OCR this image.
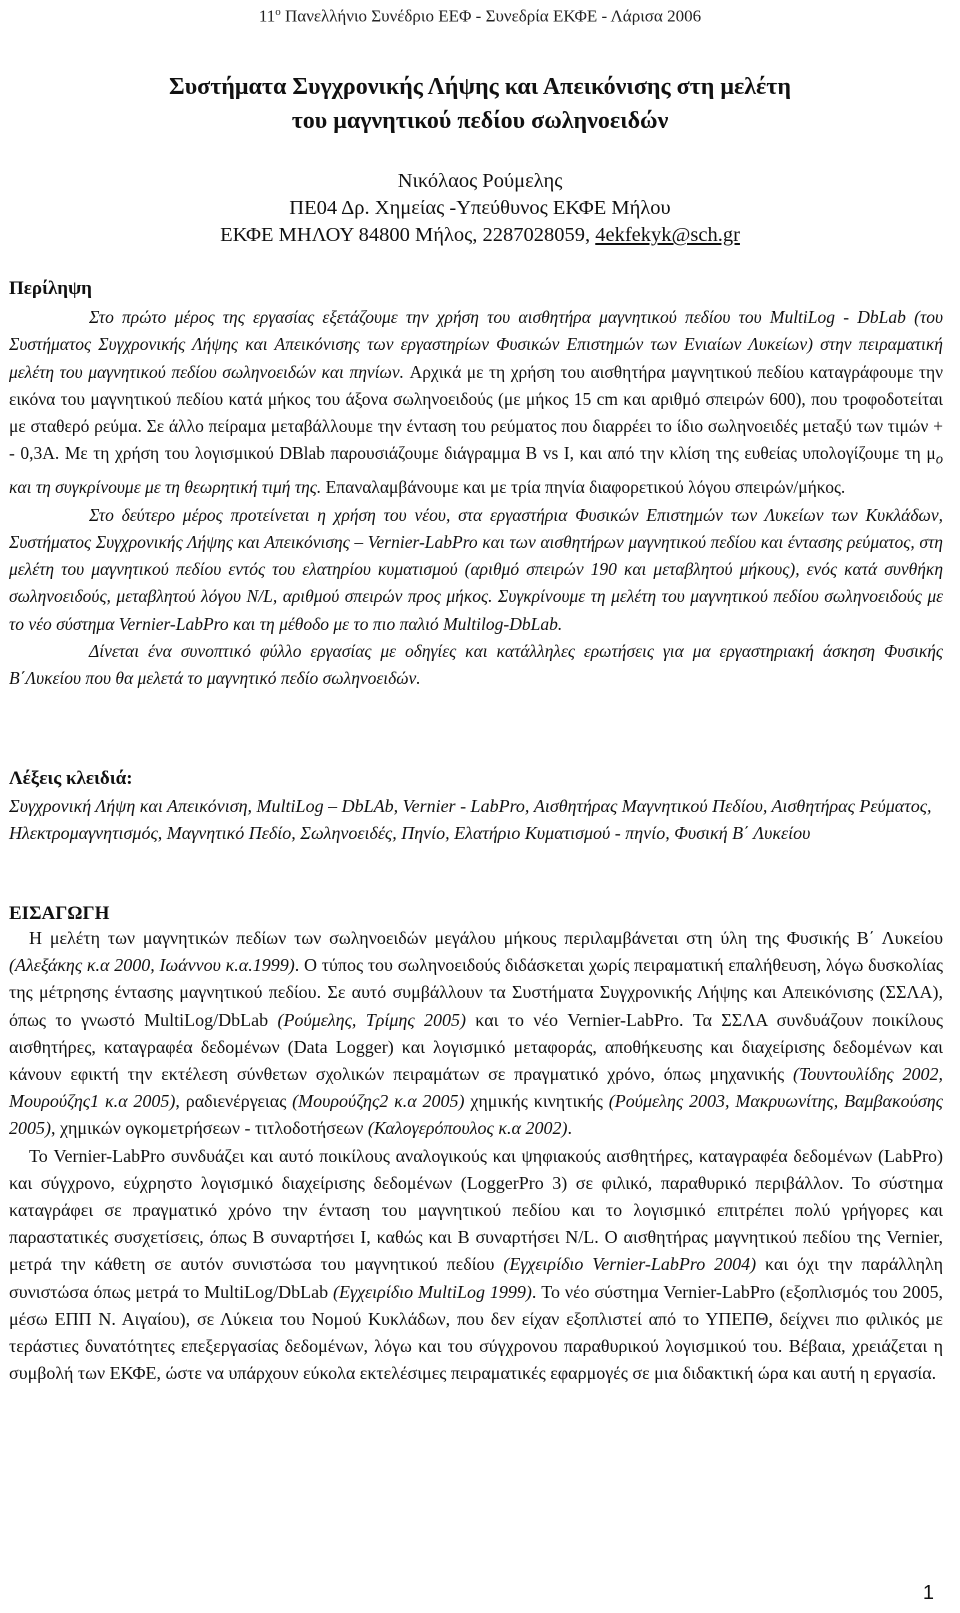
$11^o$ Πανελλήνιο Συνέδριο ΕΕΦ - Συνεδρία ΕΚΦΕ - Λάρισα 2006
Συστήματα Συγχρονικής Λήψης και Απεικόνισης στη μελέτη
του μαγνητικού πεδίου σωληνοειδών
Νικόλαος Ρούμελης
ΠΕ04 Δρ. Χημείας -Υπεύθυνος ΕΚΦΕ Μήλου
ΕΚΦΕ ΜΗΛΟΥ 84800 Μήλος, 2287028059, 4ekfekyk@sch.gr
Περίληψη

Στο πρώτο μέρος της εργασίας εξετάζουμε την χρήση του αισθητήρα μαγνητικού πεδίου του MultiLog - DbLab (του Συστήματος Συγχρονικής Λήψης και Απεικόνισης των εργαστηρίων Φυσικών Επιστημών των Ενιαίων Λυκείων) στην πειραματική μελέτη του μαγνητικού πεδίου σωληνοειδών και πηνίων. Αρχικά με τη χρήση του αισθητήρα μαγνητικού πεδίου καταγράφουμε την εικόνα του μαγνητικού πεδίου κατά μήκος του άξονα σωληνοειδούς (με μήκος 15 cm και αριθμό σπειρών 600), που τροφοδοτείται με σταθερό ρεύμα. Σε άλλο πείραμα μεταβάλλουμε την ένταση του ρεύματος που διαρρέει το ίδιο σωληνοειδές μεταξύ των τιμών + - 0,3Α. Με τη χρήση του λογισμικού DBlab παρουσιάζουμε διάγραμμα B vs I, και από την κλίση της ευθείας υπολογίζουμε τη $\mu_o$ και τη συγκρίνουμε με τη θεωρητική τιμή της. Επαναλαμβάνουμε και με τρία πηνία διαφορετικού λόγου σπειρών/μήκος.

Στο δεύτερο μέρος προτείνεται η χρήση του νέου, στα εργαστήρια Φυσικών Επιστημών των Λυκείων των Κυκλάδων, Συστήματος Συγχρονικής Λήψης και Απεικόνισης – Vernier-LabPro και των αισθητήρων μαγνητικού πεδίου και έντασης ρεύματος, στη μελέτη του μαγνητικού πεδίου εντός του ελατηρίου κυματισμού (αριθμό σπειρών 190 και μεταβλητού μήκους), ενός κατά συνθήκη σωληνοειδούς, μεταβλητού λόγου N/L, αριθμού σπειρών προς μήκος. Συγκρίνουμε τη μελέτη του μαγνητικού πεδίου σωληνοειδούς με το νέο σύστημα Vernier-LabPro και τη μέθοδο με το πιο παλιό Multilog-DbLab.

Δίνεται ένα συνοπτικό φύλλο εργασίας με οδηγίες και κατάλληλες ερωτήσεις για μα εργαστηριακή άσκηση Φυσικής Β΄Λυκείου που θα μελετά το μαγνητικό πεδίο σωληνοειδών.

Λέξεις κλειδιά:
Συγχρονική Λήψη και Απεικόνιση, MultiLog – DbLAb, Vernier - LabPro, Αισθητήρας Μαγνητικού Πεδίου, Αισθητήρας Ρεύματος, Ηλεκτρομαγνητισμός, Μαγνητικό Πεδίο, Σωληνοειδές, Πηνίο, Ελατήριο Κυματισμού - πηνίο, Φυσική Β΄ Λυκείου
ΕΙΣΑΓΩΓΗ

Η μελέτη των μαγνητικών πεδίων των σωληνοειδών μεγάλου μήκους περιλαμβάνεται στη ύλη της Φυσικής Β΄ Λυκείου (Αλεξάκης κ.α 2000, Ιωάννου κ.α.1999). Ο τύπος του σωληνοειδούς διδάσκεται χωρίς πειραματική επαλήθευση, λόγω δυσκολίας της μέτρησης έντασης μαγνητικού πεδίου. Σε αυτό συμβάλλουν τα Συστήματα Συγχρονικής Λήψης και Απεικόνισης (ΣΣΛΑ), όπως το γνωστό MultiLog/DbLab (Ρούμελης, Τρίμης 2005) και το νέο Vernier-LabPro. Τα ΣΣΛΑ συνδυάζουν ποικίλους αισθητήρες, καταγραφέα δεδομένων (Data Logger) και λογισμικό μεταφοράς, αποθήκευσης και διαχείρισης δεδομένων και κάνουν εφικτή την εκτέλεση σύνθετων σχολικών πειραμάτων σε πραγματικό χρόνο, όπως μηχανικής (Τουντουλίδης 2002, Μουρούζης1 κ.α 2005), ραδιενέργειας (Μουρούζης2 κ.α 2005) χημικής κινητικής (Ρούμελης 2003, Μακρυωνίτης, Βαμβακούσης 2005), χημικών ογκομετρήσεων - τιτλοδοτήσεων (Καλογερόπουλος κ.α 2002).

Το Vernier-LabPro συνδυάζει και αυτό ποικίλους αναλογικούς και ψηφιακούς αισθητήρες, καταγραφέα δεδομένων (LabPro) και σύγχρονο, εύχρηστο λογισμικό διαχείρισης δεδομένων (LoggerPro 3) σε φιλικό, παραθυρικό περιβάλλον. Το σύστημα καταγράφει σε πραγματικό χρόνο την ένταση του μαγνητικού πεδίου και το λογισμικό επιτρέπει πολύ γρήγορες και παραστατικές συσχετίσεις, όπως B συναρτήσει I, καθώς και B συναρτήσει N/L. Ο αισθητήρας μαγνητικού πεδίου της Vernier, μετρά την κάθετη σε αυτόν συνιστώσα του μαγνητικού πεδίου (Εγχειρίδιο Vernier-LabPro 2004) και όχι την παράλληλη συνιστώσα όπως μετρά το MultiLog/DbLab (Εγχειρίδιο MultiLog 1999). Το νέο σύστημα Vernier-LabPro (εξοπλισμός του 2005, μέσω ΕΠΠ Ν. Αιγαίου), σε Λύκεια του Νομού Κυκλάδων, που δεν είχαν εξοπλιστεί από το ΥΠΕΠΘ, δείχνει πιο φιλικός με τεράστιες δυνατότητες επεξεργασίας δεδομένων, λόγω και του σύγχρονου παραθυρικού λογισμικού του. Βέβαια, χρειάζεται η συμβολή των ΕΚΦΕ, ώστε να υπάρχουν εύκολα εκτελέσιμες πειραματικές εφαρμογές σε μια διδακτική ώρα και αυτή η εργασία.

1
